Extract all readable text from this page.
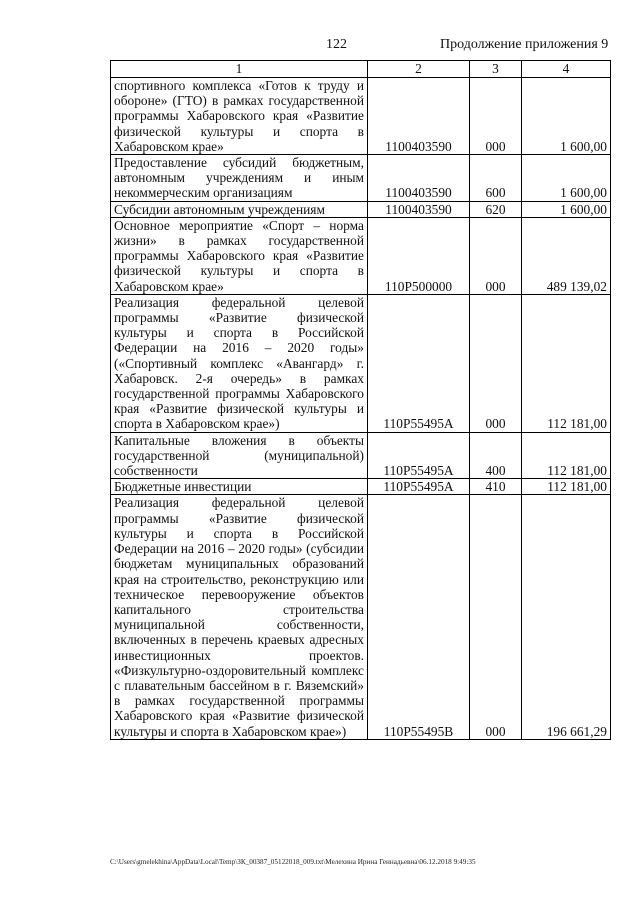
122	Продолжение приложения 9
1	2	3	4
спортивного комплекса «Готов к труду и обороне» (ГТО) в рамках государственной программы Хабаровского края «Развитие физической культуры и спорта в Хабаровском крае»	1100403590	000	1 600,00
Предоставление субсидий бюджетным, автономным учреждениям и иным некоммерческим организациям	1100403590	600	1 600,00
Субсидии автономным учреждениям	1100403590	620	1 600,00
Основное мероприятие «Спорт – норма жизни» в рамках государственной программы Хабаровского края «Развитие физической культуры и спорта в Хабаровском крае»	110P500000	000	489 139,02
Реализация федеральной целевой программы «Развитие физической культуры и спорта в Российской Федерации на 2016 – 2020 годы» («Спортивный комплекс «Авангард» г. Хабаровск. 2-я очередь» в рамках государственной программы Хабаровского края «Развитие физической культуры и спорта в Хабаровском крае»)	110P55495A	000	112 181,00
Капитальные вложения в объекты государственной (муниципальной) собственности	110P55495A	400	112 181,00
Бюджетные инвестиции	110P55495A	410	112 181,00
Реализация федеральной целевой программы «Развитие физической культуры и спорта в Российской Федерации на 2016 – 2020 годы» (субсидии бюджетам муниципальных образований края на строительство, реконструкцию или техническое перевооружение объектов капитального строительства муниципальной собственности, включенных в перечень краевых адресных инвестиционных проектов. «Физкультурно-оздоровительный комплекс с плавательным бассейном в г. Вяземский» в рамках государственной программы Хабаровского края «Развитие физической культуры и спорта в Хабаровском крае»)	110P55495B	000	196 661,29
C:\Users\gmelekhina\AppData\Local\Temp\ЗК_00387_05122018_009.txt\Мелехина Ирина Геннадьевна\06.12.2018 9:49:35
